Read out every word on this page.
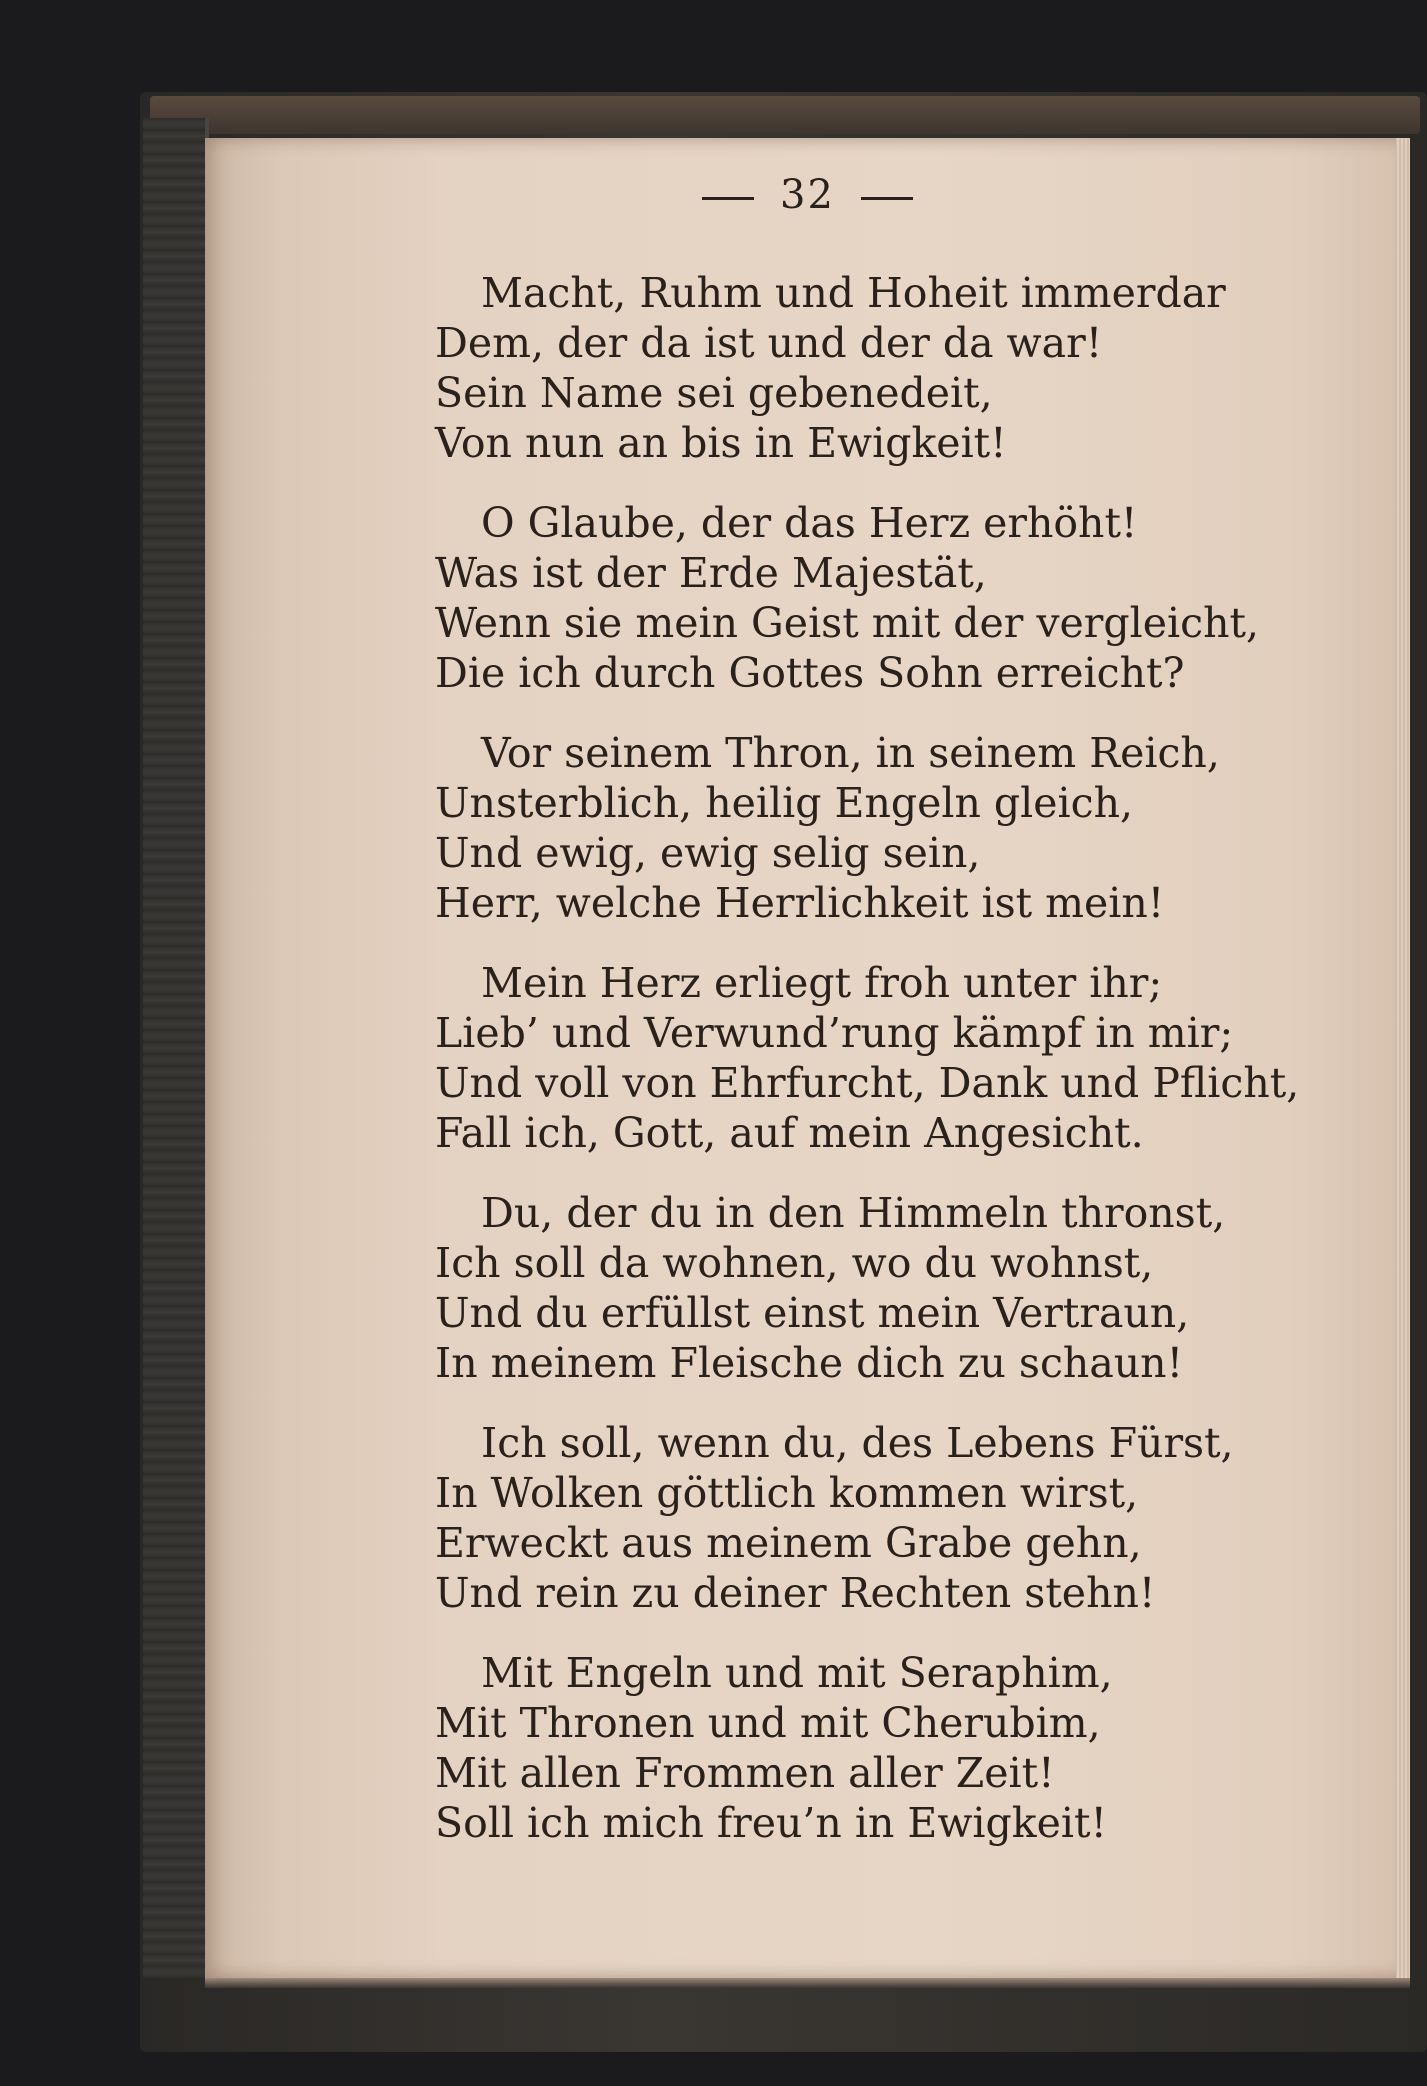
32
Macht, Ruhm und Hoheit immerdar
Dem, der da ist und der da war!
Sein Name sei gebenedeit,
Von nun an bis in Ewigkeit!
O Glaube, der das Herz erhöht!
Was ist der Erde Majestät,
Wenn sie mein Geist mit der vergleicht,
Die ich durch Gottes Sohn erreicht?
Vor seinem Thron, in seinem Reich,
Unsterblich, heilig Engeln gleich,
Und ewig, ewig selig sein,
Herr, welche Herrlichkeit ist mein!
Mein Herz erliegt froh unter ihr;
Lieb’ und Verwund’rung kämpf in mir;
Und voll von Ehrfurcht, Dank und Pflicht,
Fall ich, Gott, auf mein Angesicht.
Du, der du in den Himmeln thronst,
Ich soll da wohnen, wo du wohnst,
Und du erfüllst einst mein Vertraun,
In meinem Fleische dich zu schaun!
Ich soll, wenn du, des Lebens Fürst,
In Wolken göttlich kommen wirst,
Erweckt aus meinem Grabe gehn,
Und rein zu deiner Rechten stehn!
Mit Engeln und mit Seraphim,
Mit Thronen und mit Cherubim,
Mit allen Frommen aller Zeit!
Soll ich mich freu’n in Ewigkeit!
